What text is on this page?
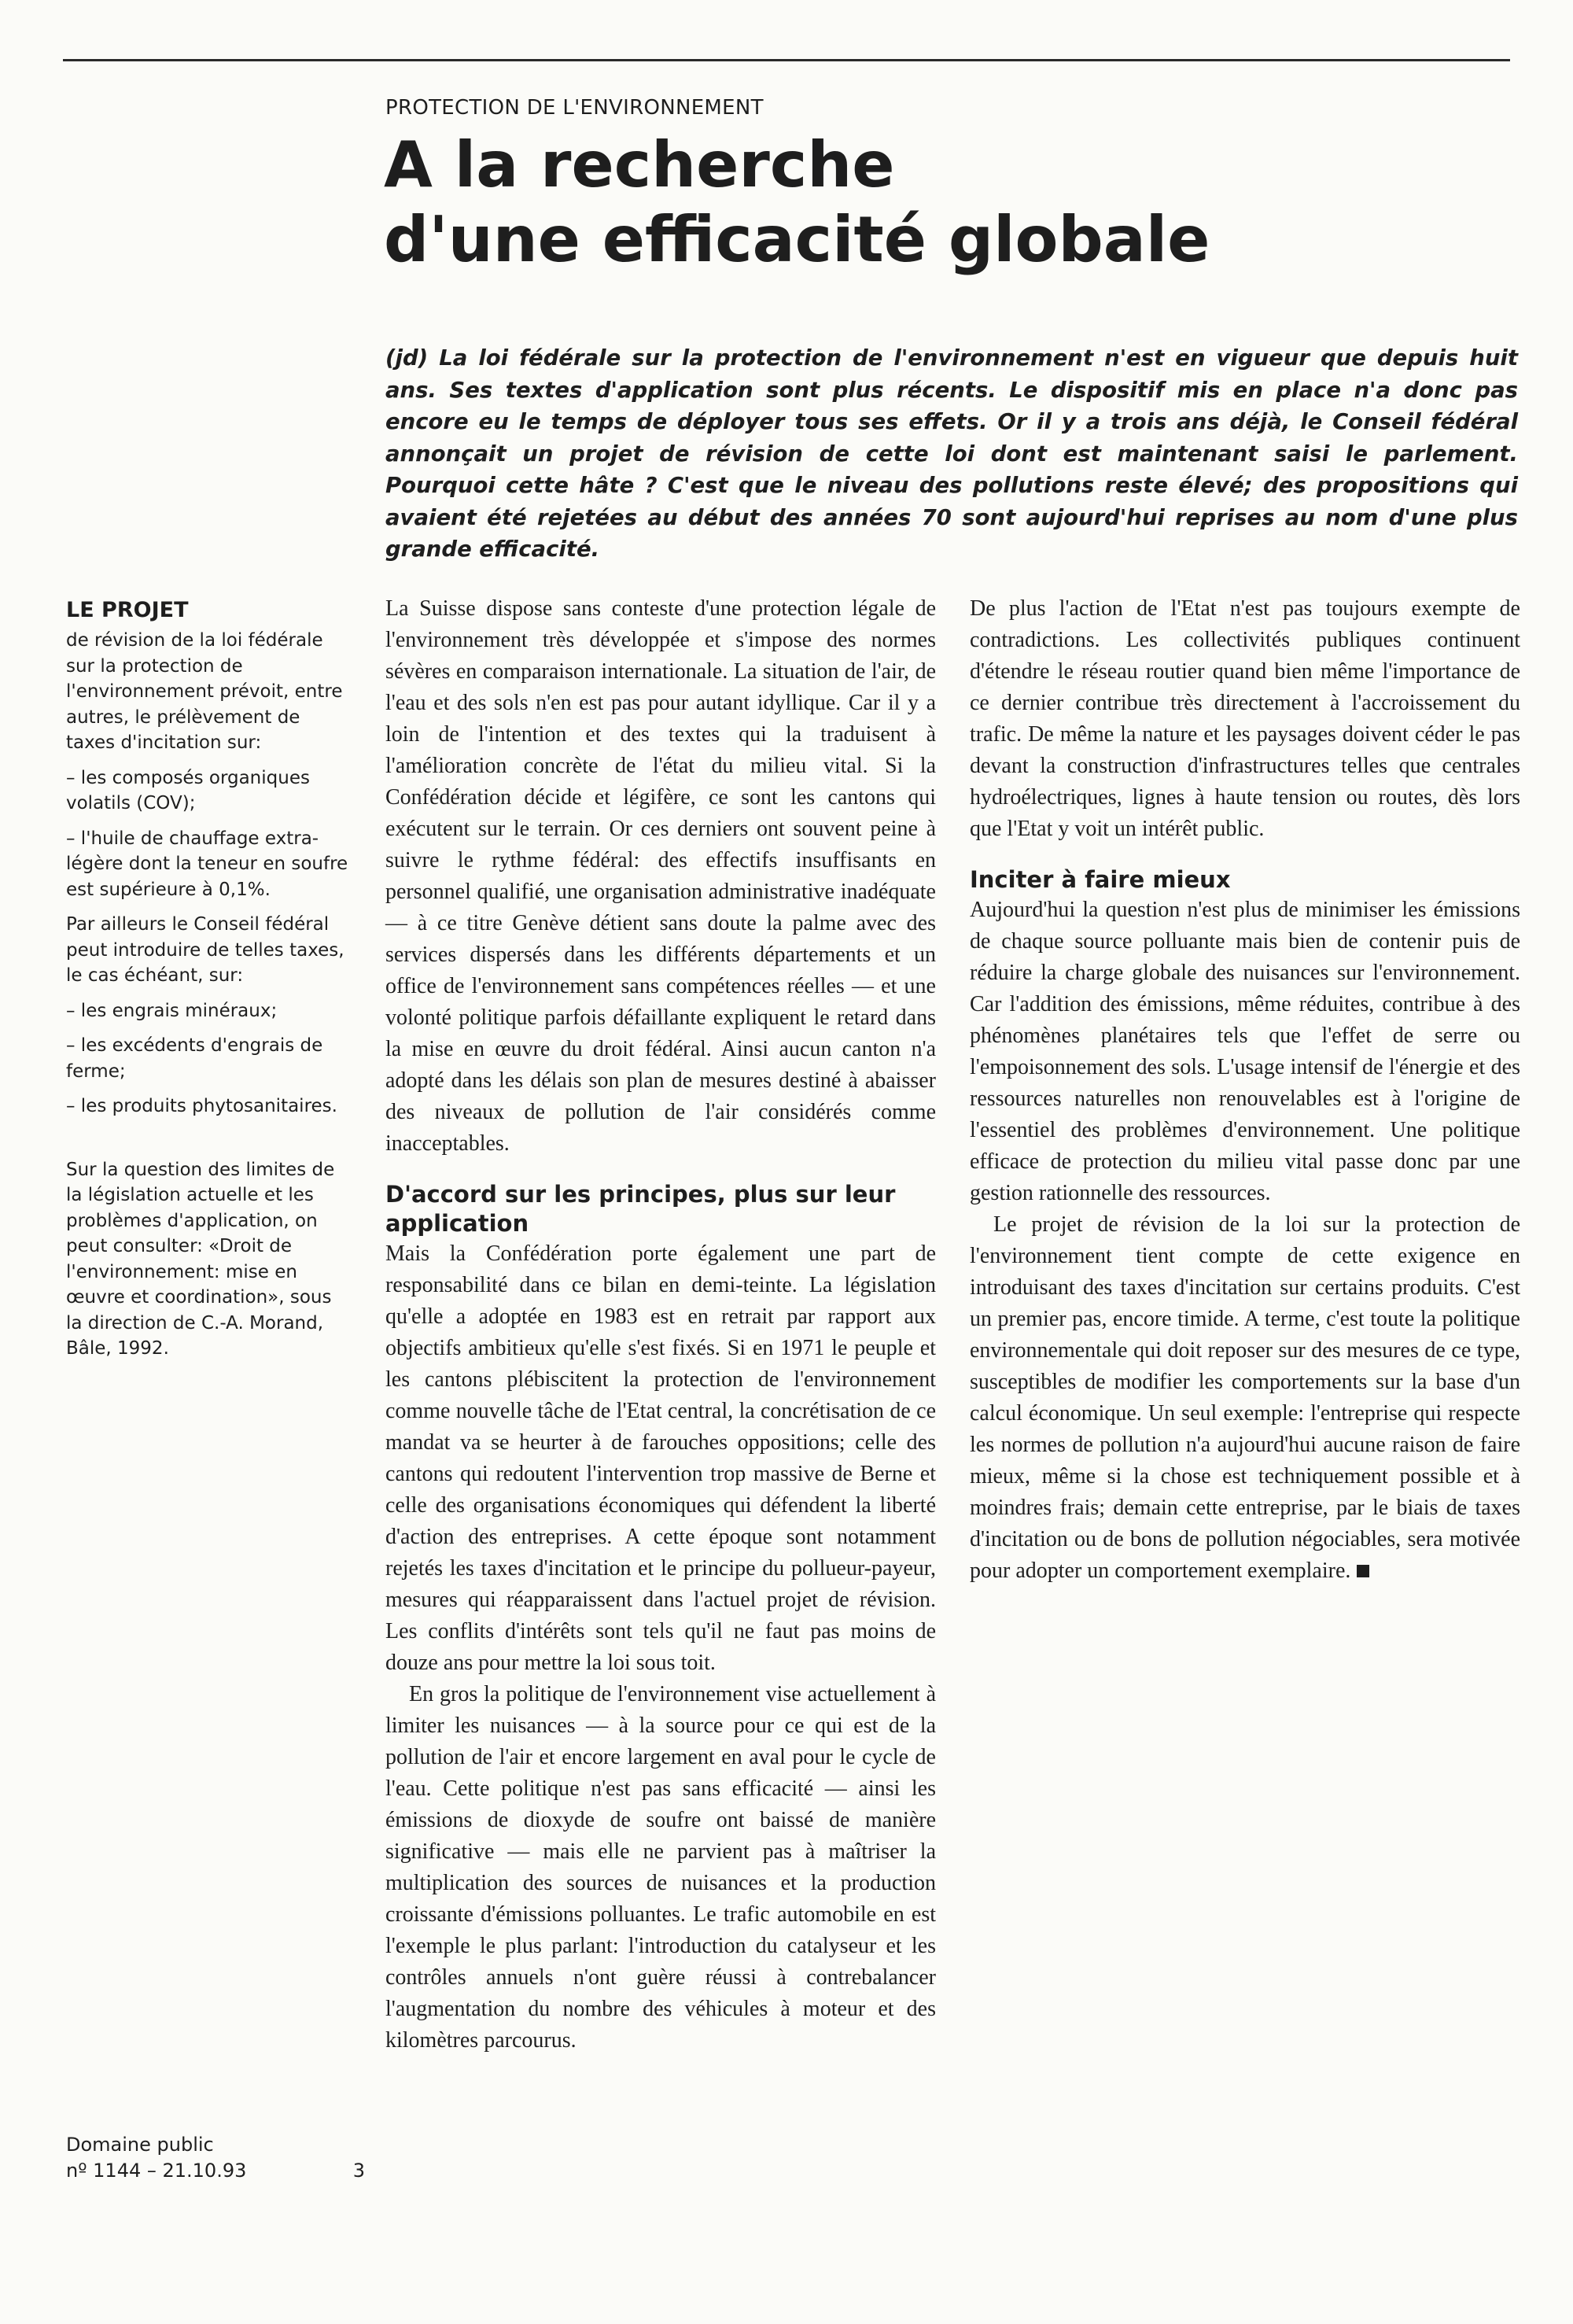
PROTECTION DE L'ENVIRONNEMENT
A la recherche
d'une efficacité globale

(jd) La loi fédérale sur la protection de l'environnement n'est en vigueur que depuis huit ans. Ses textes d'application sont plus récents. Le dispositif mis en place n'a donc pas encore eu le temps de déployer tous ses effets. Or il y a trois ans déjà, le Conseil fédéral annonçait un projet de révision de cette loi dont est maintenant saisi le parlement. Pourquoi cette hâte ? C'est que le niveau des pollutions reste élevé; des propositions qui avaient été rejetées au début des années 70 sont aujourd'hui reprises au nom d'une plus grande efficacité.

LE PROJET

de révision de la loi fédérale sur la protection de l'environnement prévoit, entre autres, le prélèvement de taxes d'incitation sur:

– les composés organiques volatils (COV);

– l'huile de chauffage extra-légère dont la teneur en soufre est supérieure à 0,1%.

Par ailleurs le Conseil fédéral peut introduire de telles taxes, le cas échéant, sur:

– les engrais minéraux;

– les excédents d'engrais de ferme;

– les produits phytosanitaires.

Sur la question des limites de la législation actuelle et les problèmes d'application, on peut consulter: «Droit de l'environnement: mise en œuvre et coordination», sous la direction de C.-A. Morand, Bâle, 1992.

Domaine public
nº 1144 – 21.10.93	3

La Suisse dispose sans conteste d'une protection légale de l'environnement très développée et s'impose des normes sévères en comparaison internationale. La situation de l'air, de l'eau et des sols n'en est pas pour autant idyllique. Car il y a loin de l'intention et des textes qui la traduisent à l'amélioration concrète de l'état du milieu vital. Si la Confédération décide et légifère, ce sont les cantons qui exécutent sur le terrain. Or ces derniers ont souvent peine à suivre le rythme fédéral: des effectifs insuffisants en personnel qualifié, une organisation administrative inadéquate — à ce titre Genève détient sans doute la palme avec des services dispersés dans les différents départements et un office de l'environnement sans compétences réelles — et une volonté politique parfois défaillante expliquent le retard dans la mise en œuvre du droit fédéral. Ainsi aucun canton n'a adopté dans les délais son plan de mesures destiné à abaisser des niveaux de pollution de l'air considérés comme inacceptables.

D'accord sur les principes, plus sur leur application

Mais la Confédération porte également une part de responsabilité dans ce bilan en demi-teinte. La législation qu'elle a adoptée en 1983 est en retrait par rapport aux objectifs ambitieux qu'elle s'est fixés. Si en 1971 le peuple et les cantons plébiscitent la protection de l'environnement comme nouvelle tâche de l'Etat central, la concrétisation de ce mandat va se heurter à de farouches oppositions; celle des cantons qui redoutent l'intervention trop massive de Berne et celle des organisations économiques qui défendent la liberté d'action des entreprises. A cette époque sont notamment rejetés les taxes d'incitation et le principe du pollueur-payeur, mesures qui réapparaissent dans l'actuel projet de révision. Les conflits d'intérêts sont tels qu'il ne faut pas moins de douze ans pour mettre la loi sous toit.

En gros la politique de l'environnement vise actuellement à limiter les nuisances — à la source pour ce qui est de la pollution de l'air et encore largement en aval pour le cycle de l'eau. Cette politique n'est pas sans efficacité — ainsi les émissions de dioxyde de soufre ont baissé de manière significative — mais elle ne parvient pas à maîtriser la multiplication des sources de nuisances et la production croissante d'émissions polluantes. Le trafic automobile en est l'exemple le plus parlant: l'introduction du catalyseur et les contrôles annuels n'ont guère réussi à contrebalancer l'augmentation du nombre des véhicules à moteur et des kilomètres parcourus.

De plus l'action de l'Etat n'est pas toujours exempte de contradictions. Les collectivités publiques continuent d'étendre le réseau routier quand bien même l'importance de ce dernier contribue très directement à l'accroissement du trafic. De même la nature et les paysages doivent céder le pas devant la construction d'infrastructures telles que centrales hydroélectriques, lignes à haute tension ou routes, dès lors que l'Etat y voit un intérêt public.

Inciter à faire mieux

Aujourd'hui la question n'est plus de minimiser les émissions de chaque source polluante mais bien de contenir puis de réduire la charge globale des nuisances sur l'environnement. Car l'addition des émissions, même réduites, contribue à des phénomènes planétaires tels que l'effet de serre ou l'empoisonnement des sols. L'usage intensif de l'énergie et des ressources naturelles non renouvelables est à l'origine de l'essentiel des problèmes d'environnement. Une politique efficace de protection du milieu vital passe donc par une gestion rationnelle des ressources.

Le projet de révision de la loi sur la protection de l'environnement tient compte de cette exigence en introduisant des taxes d'incitation sur certains produits. C'est un premier pas, encore timide. A terme, c'est toute la politique environnementale qui doit reposer sur des mesures de ce type, susceptibles de modifier les comportements sur la base d'un calcul économique. Un seul exemple: l'entreprise qui respecte les normes de pollution n'a aujourd'hui aucune raison de faire mieux, même si la chose est techniquement possible et à moindres frais; demain cette entreprise, par le biais de taxes d'incitation ou de bons de pollution négociables, sera motivée pour adopter un comportement exemplaire.
